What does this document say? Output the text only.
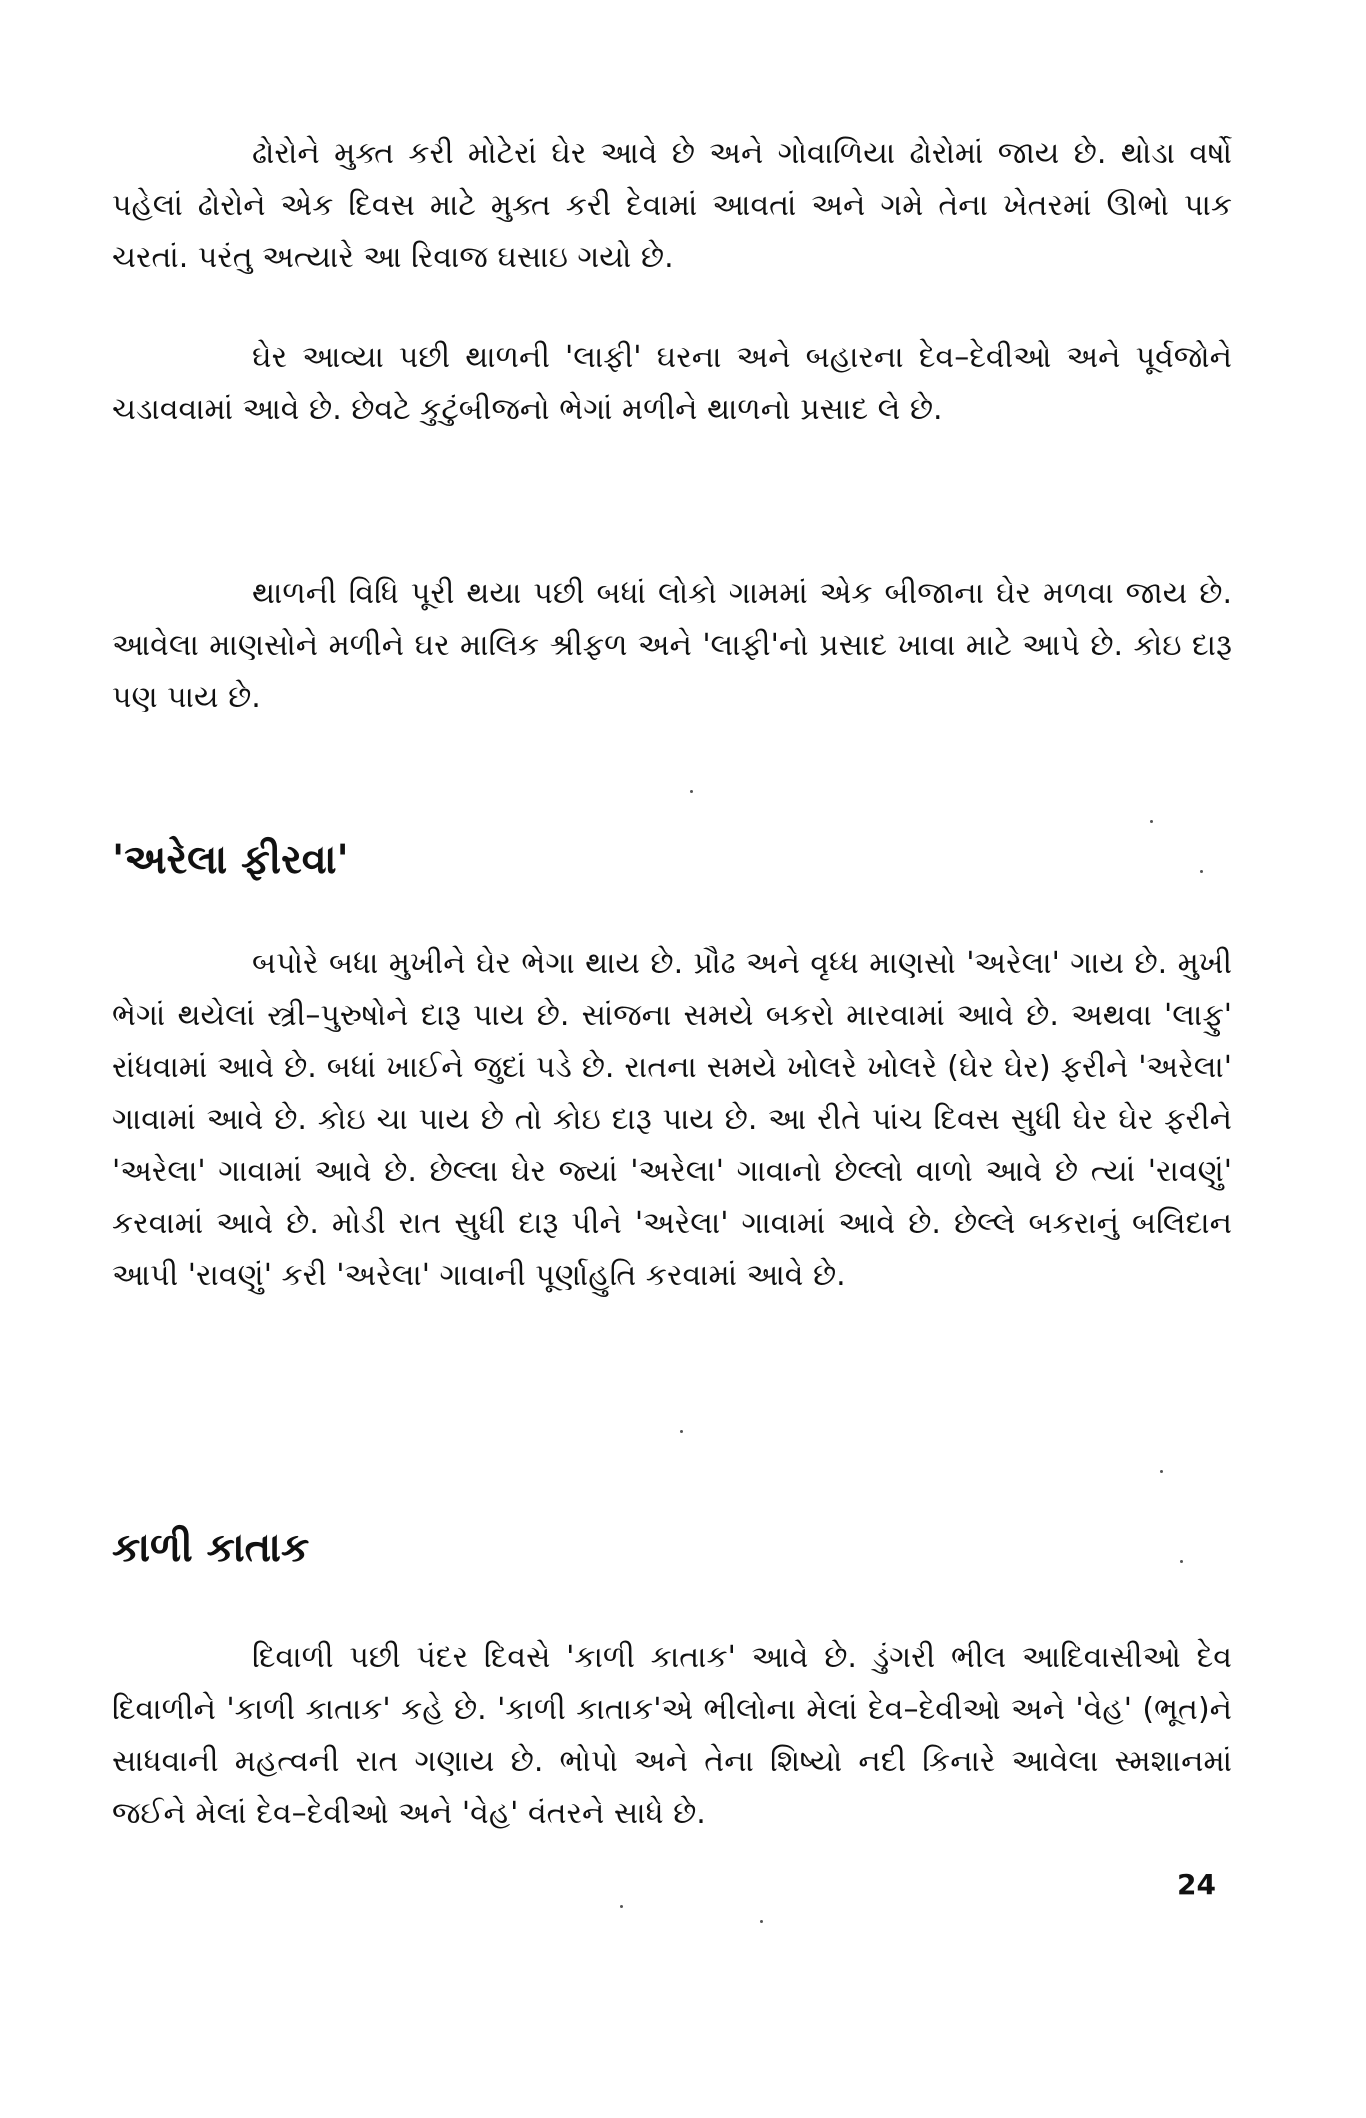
ઢોરોને મુક્ત કરી મોટેરાં ઘેર આવે છે અને ગોવાળિયા ઢોરોમાં જાય છે. થોડા વર્ષો પહેલાં ઢોરોને એક દિવસ માટે મુક્ત કરી દેવામાં આવતાં અને ગમે તેના ખેતરમાં ઊભો પાક ચરતાં. પરંતુ અત્યારે આ રિવાજ ઘસાઇ ગયો છે.

ઘેર આવ્યા પછી થાળની 'લાફી' ઘરના અને બહારના દેવ–દેવીઓ અને પૂર્વજોને ચડાવવામાં આવે છે. છેવટે કુટુંબીજનો ભેગાં મળીને થાળનો પ્રસાદ લે છે.

થાળની વિધિ પૂરી થયા પછી બધાં લોકો ગામમાં એક બીજાના ઘેર મળવા જાય છે. આવેલા માણસોને મળીને ઘર માલિક શ્રીફળ અને 'લાફી'નો પ્રસાદ ખાવા માટે આપે છે. કોઇ દારૂ પણ પાય છે.

'અરેલા ફીરવા'

બપોરે બધા મુખીને ઘેર ભેગા થાય છે. પ્રૌઢ અને વૃધ્ધ માણસો 'અરેલા' ગાય છે. મુખી ભેગાં થયેલાં સ્ત્રી–પુરુષોને દારૂ પાય છે. સાંજના સમયે બકરો મારવામાં આવે છે. અથવા 'લાફુ' રાંધવામાં આવે છે. બધાં ખાઈને જુદાં પડે છે. રાતના સમયે ખોલરે ખોલરે (ઘેર ઘેર) ફરીને 'અરેલા' ગાવામાં આવે છે. કોઇ ચા પાય છે તો કોઇ દારૂ પાય છે. આ રીતે પાંચ દિવસ સુધી ઘેર ઘેર ફરીને 'અરેલા' ગાવામાં આવે છે. છેલ્લા ઘેર જ્યાં 'અરેલા' ગાવાનો છેલ્લો વાળો આવે છે ત્યાં 'રાવણું' કરવામાં આવે છે. મોડી રાત સુધી દારૂ પીને 'અરેલા' ગાવામાં આવે છે. છેલ્લે બકરાનું બલિદાન આપી 'રાવણું' કરી 'અરેલા' ગાવાની પૂર્ણાહુતિ કરવામાં આવે છે.

કાળી કાતાક

દિવાળી પછી પંદર દિવસે 'કાળી કાતાક' આવે છે. ડુંગરી ભીલ આદિવાસીઓ દેવ દિવાળીને 'કાળી કાતાક' કહે છે. 'કાળી કાતાક'એ ભીલોના મેલાં દેવ–દેવીઓ અને 'વેહ' (ભૂત)ને સાધવાની મહત્વની રાત ગણાય છે. ભોપો અને તેના શિષ્યો નદી કિનારે આવેલા સ્મશાનમાં જઈને મેલાં દેવ–દેવીઓ અને 'વેહ' વંતરને સાધે છે.

24
